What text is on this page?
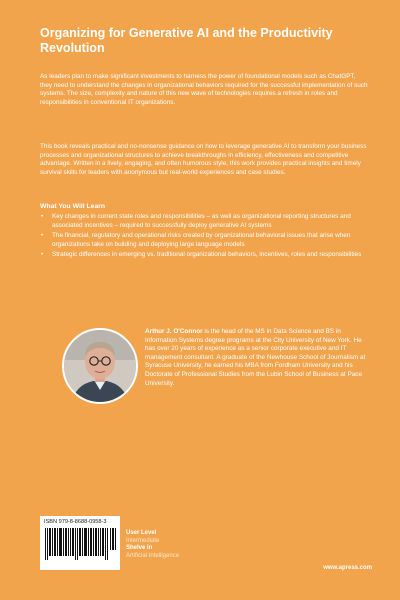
Organizing for Generative AI and the Productivity Revolution
As leaders plan to make significant investments to harness the power of foundational models such as ChatGPT, they need to understand the changes in organizational behaviors required for the successful implementation of such systems. The size, complexity and nature of this new wave of technologies requires a refresh in roles and responsibilities in conventional IT organizations.
This book reveals practical and no-nonsense guidance on how to leverage generative AI to transform your business processes and organizational structures to achieve breakthroughs in efficiency, effectiveness and competitive advantage. Written in a lively, engaging, and often humorous style, this work provides practical insights and timely survival skills for leaders with anonymous but real-world experiences and case studies.
What You Will Learn
• Key changes in current state roles and responsibilities – as well as organizational reporting structures and associated incentives – required to successfully deploy generative AI systems
• The financial, regulatory and operational risks created by organizational behavioral issues that arise when organizations take on building and deploying large language models
• Strategic differences in emerging vs. traditional organizational behaviors, incentives, roles and responsibilities
Arthur J. O'Connor is the head of the MS in Data Science and BS in Information Systems degree programs at the City University of New York. He has over 20 years of experience as a senior corporate executive and IT management consultant. A graduate of the Newhouse School of Journalism at Syracuse University, he earned his MBA from Fordham University and his Doctorate of Professional Studies from the Lubin School of Business at Pace University.
ISBN 979-8-8688-0958-3
User Level
Intermediate
Shelve in
Artificial Intelligence
www.apress.com
